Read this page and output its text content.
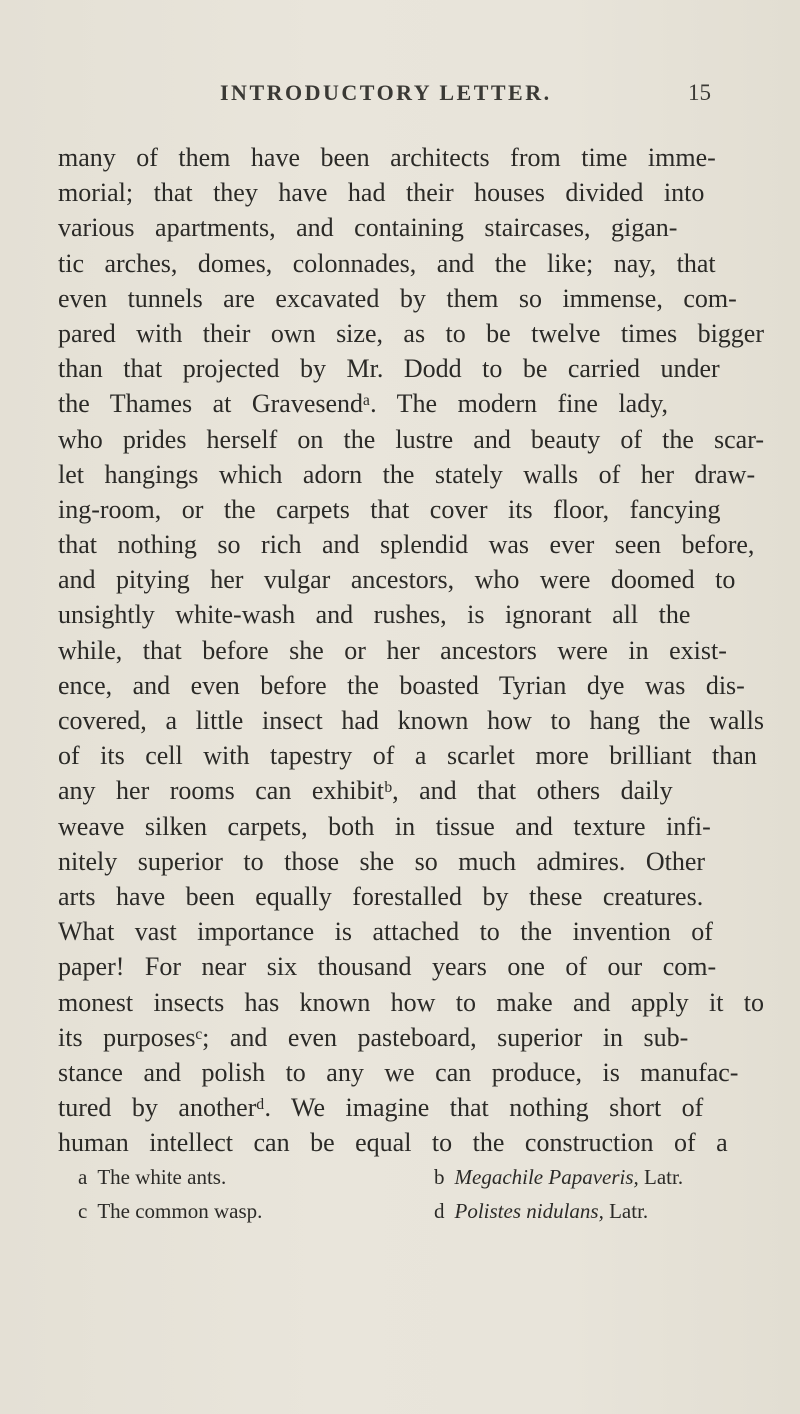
INTRODUCTORY LETTER.	15
many of them have been architects from time imme-
morial; that they have had their houses divided into
various apartments, and containing staircases, gigan-
tic arches, domes, colonnades, and the like; nay, that
even tunnels are excavated by them so immense, com-
pared with their own size, as to be twelve times bigger
than that projected by Mr. Dodd to be carried under
the Thames at Gravesendᵃ. The modern fine lady,
who prides herself on the lustre and beauty of the scar-
let hangings which adorn the stately walls of her draw-
ing-room, or the carpets that cover its floor, fancying
that nothing so rich and splendid was ever seen before,
and pitying her vulgar ancestors, who were doomed to
unsightly white-wash and rushes, is ignorant all the
while, that before she or her ancestors were in exist-
ence, and even before the boasted Tyrian dye was dis-
covered, a little insect had known how to hang the walls
of its cell with tapestry of a scarlet more brilliant than
any her rooms can exhibitᵇ, and that others daily
weave silken carpets, both in tissue and texture infi-
nitely superior to those she so much admires. Other
arts have been equally forestalled by these creatures.
What vast importance is attached to the invention of
paper! For near six thousand years one of our com-
monest insects has known how to make and apply it to
its purposesᶜ; and even pasteboard, superior in sub-
stance and polish to any we can produce, is manufac-
tured by anotherᵈ. We imagine that nothing short of
human intellect can be equal to the construction of a
a The white ants.	b Megachile Papaveris, Latr.
c The common wasp.	d Polistes nidulans, Latr.
